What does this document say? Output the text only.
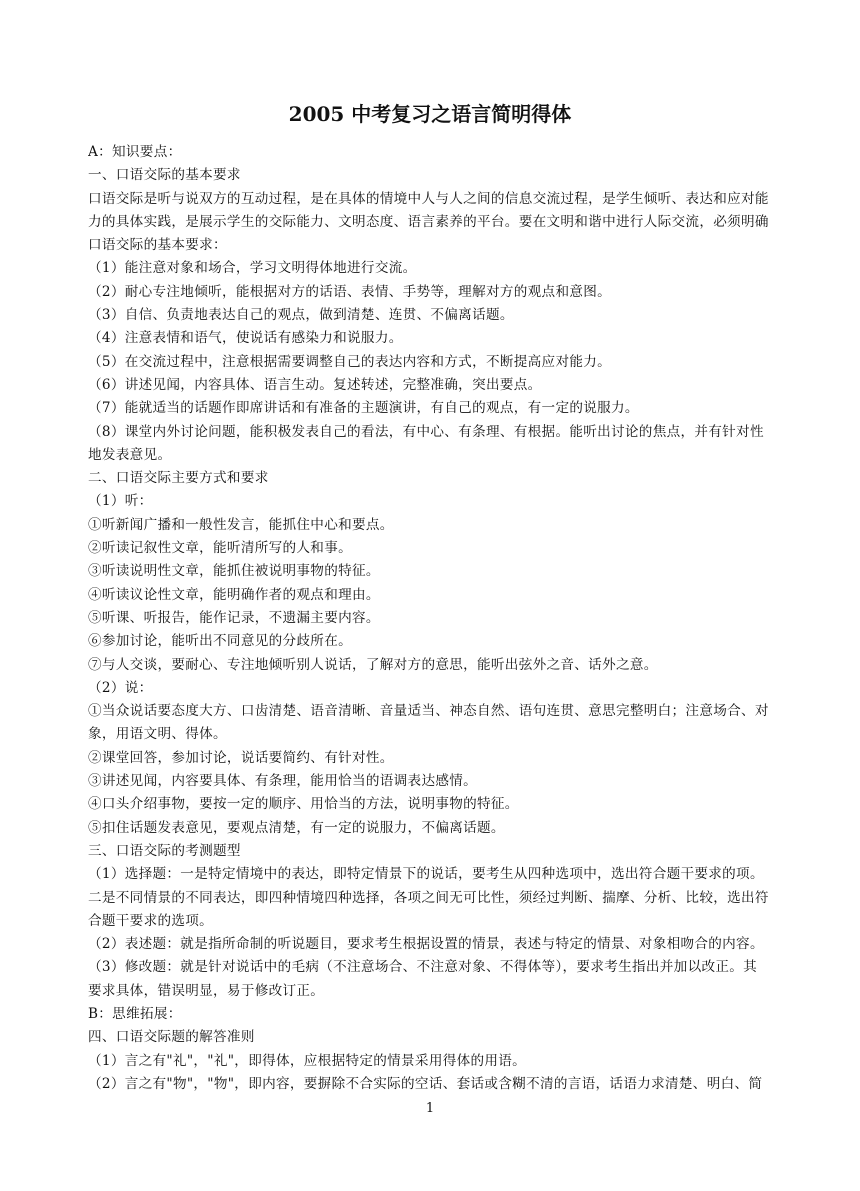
2005 中考复习之语言简明得体
A：知识要点：
一、口语交际的基本要求
口语交际是听与说双方的互动过程，是在具体的情境中人与人之间的信息交流过程，是学生倾听、表达和应对能
力的具体实践，是展示学生的交际能力、文明态度、语言素养的平台。要在文明和谐中进行人际交流，必须明确
口语交际的基本要求：
（1）能注意对象和场合，学习文明得体地进行交流。
（2）耐心专注地倾听，能根据对方的话语、表情、手势等，理解对方的观点和意图。
（3）自信、负责地表达自己的观点，做到清楚、连贯、不偏离话题。
（4）注意表情和语气，使说话有感染力和说服力。
（5）在交流过程中，注意根据需要调整自己的表达内容和方式，不断提高应对能力。
（6）讲述见闻，内容具体、语言生动。复述转述，完整准确，突出要点。
（7）能就适当的话题作即席讲话和有准备的主题演讲，有自己的观点，有一定的说服力。
（8）课堂内外讨论问题，能积极发表自己的看法，有中心、有条理、有根据。能听出讨论的焦点，并有针对性
地发表意见。
二、口语交际主要方式和要求
（1）听：
①听新闻广播和一般性发言，能抓住中心和要点。
②听读记叙性文章，能听清所写的人和事。
③听读说明性文章，能抓住被说明事物的特征。
④听读议论性文章，能明确作者的观点和理由。
⑤听课、听报告，能作记录，不遗漏主要内容。
⑥参加讨论，能听出不同意见的分歧所在。
⑦与人交谈，要耐心、专注地倾听别人说话，了解对方的意思，能听出弦外之音、话外之意。
（2）说：
①当众说话要态度大方、口齿清楚、语音清晰、音量适当、神态自然、语句连贯、意思完整明白；注意场合、对
象，用语文明、得体。
②课堂回答，参加讨论，说话要简约、有针对性。
③讲述见闻，内容要具体、有条理，能用恰当的语调表达感情。
④口头介绍事物，要按一定的顺序、用恰当的方法，说明事物的特征。
⑤扣住话题发表意见，要观点清楚，有一定的说服力，不偏离话题。
三、口语交际的考测题型
（1）选择题：一是特定情境中的表达，即特定情景下的说话，要考生从四种选项中，选出符合题干要求的项。
二是不同情景的不同表达，即四种情境四种选择，各项之间无可比性，须经过判断、揣摩、分析、比较，选出符
合题干要求的选项。
（2）表述题：就是指所命制的听说题目，要求考生根据设置的情景，表述与特定的情景、对象相吻合的内容。
（3）修改题：就是针对说话中的毛病（不注意场合、不注意对象、不得体等），要求考生指出并加以改正。其
要求具体，错误明显，易于修改订正。
B：思维拓展：
四、口语交际题的解答准则
（1）言之有"礼"，"礼"，即得体，应根据特定的情景采用得体的用语。
（2）言之有"物"，"物"，即内容，要摒除不合实际的空话、套话或含糊不清的言语，话语力求清楚、明白、简
1
